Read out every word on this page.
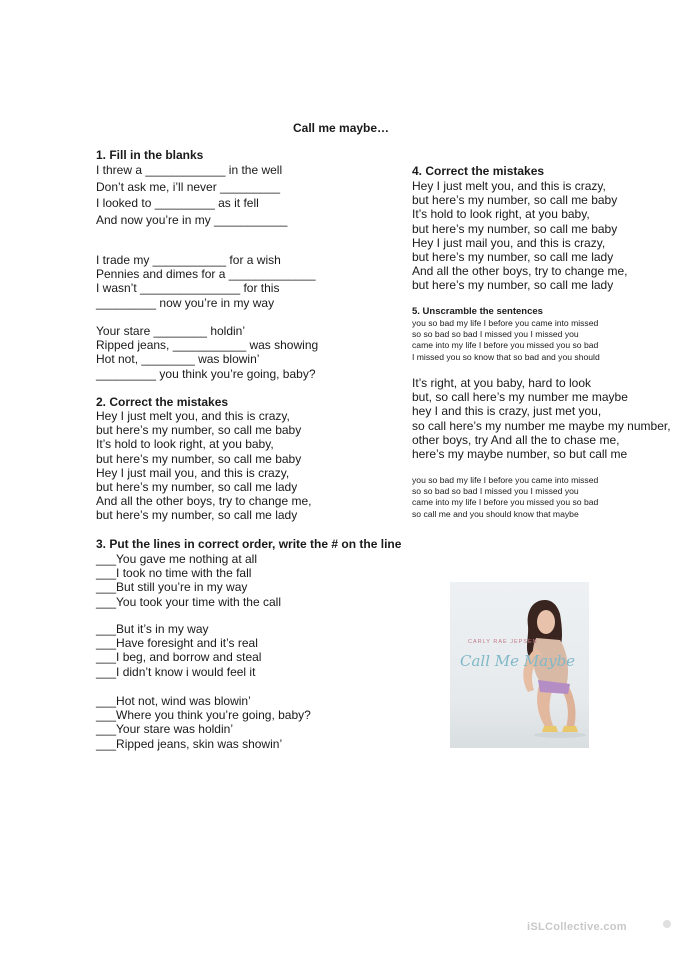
Call me maybe…
1. Fill in the blanks
I threw a ____________ in the well
Don’t ask me, i’ll never _________
I looked to _________ as it fell
And now you’re in my ___________
I trade my ___________ for a wish
Pennies and dimes for a _____________
I wasn’t _______________ for this
_________ now you’re in my way
Your stare ________ holdin’
Ripped jeans, ___________ was showing
Hot not, ________ was blowin’
_________ you think you’re going, baby?
2. Correct the mistakes
Hey I just melt you, and this is crazy,
but here’s my number, so call me baby
It’s hold to look right, at you baby,
but here’s my number, so call me baby
Hey I just mail you, and this is crazy,
but here’s my number, so call me lady
And all the other boys, try to change me,
but here’s my number, so call me lady
3. Put the lines in correct order, write the # on the line
___You gave me nothing at all
___I took no time with the fall
___But still you’re in my way
___You took your time with the call
___But it’s in my way
___Have foresight and it’s real
___I beg, and borrow and steal
___I didn’t know i would feel it
___Hot not, wind was blowin’
___Where you think you’re going, baby?
___Your stare was holdin’
___Ripped jeans, skin was showin’
4. Correct the mistakes
Hey I just melt you, and this is crazy,
but here’s my number, so call me baby
It’s hold to look right, at you baby,
but here’s my number, so call me baby
Hey I just mail you, and this is crazy,
but here’s my number, so call me lady
And all the other boys, try to change me,
but here’s my number, so call me lady
5. Unscramble the sentences
you so bad my life I before you came into missed
so so bad so bad I missed you I missed you
came into my life I before you missed you so bad
I missed you so know that so bad and you should
It’s right, at you baby, hard to look
but, so call here’s my number me maybe
hey I and this is crazy, just met you,
so call here’s my number me maybe my number,
other boys, try And all the to chase me,
here’s my maybe number, so but call me
you so bad my life I before you came into missed
so so bad so bad I missed you I missed you
came into my life I before you missed you so bad
so call me and you should know that maybe
CARLY RAE JEPSEN
Call Me Maybe
iSLCollective.com
